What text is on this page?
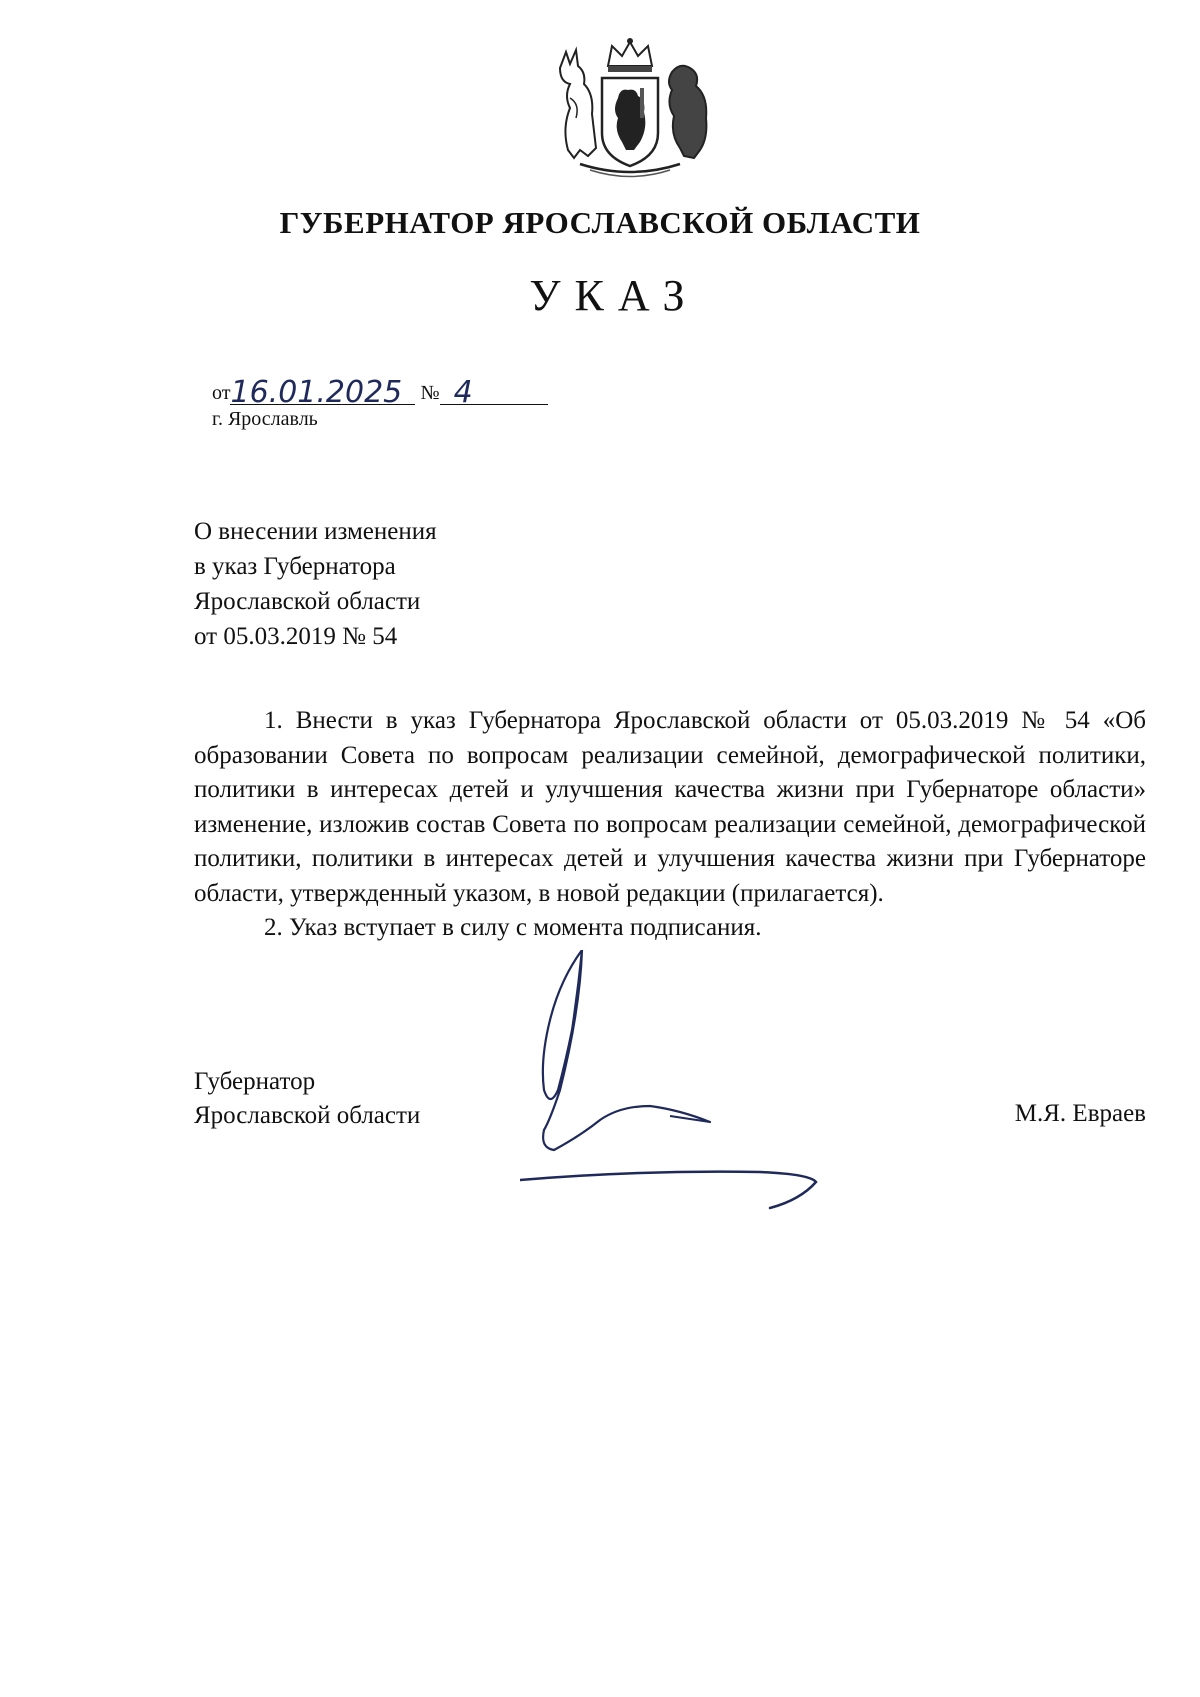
ГУБЕРНАТОР ЯРОСЛАВСКОЙ ОБЛАСТИ
УКАЗ
от16.01.2025 № 4
г. Ярославль
О внесении изменения
в указ Губернатора
Ярославской области
от 05.03.2019 № 54

1. Внести в указ Губернатора Ярославской области от 05.03.2019 № 54 «Об образовании Совета по вопросам реализации семейной, демографической политики, политики в интересах детей и улучшения качества жизни при Губернаторе области» изменение, изложив состав Совета по вопросам реализации семейной, демографической политики, политики в интересах детей и улучшения качества жизни при Губернаторе области, утвержденный указом, в новой редакции (прилагается).

2. Указ вступает в силу с момента подписания.

Губернатор
Ярославской области	М.Я. Евраев
